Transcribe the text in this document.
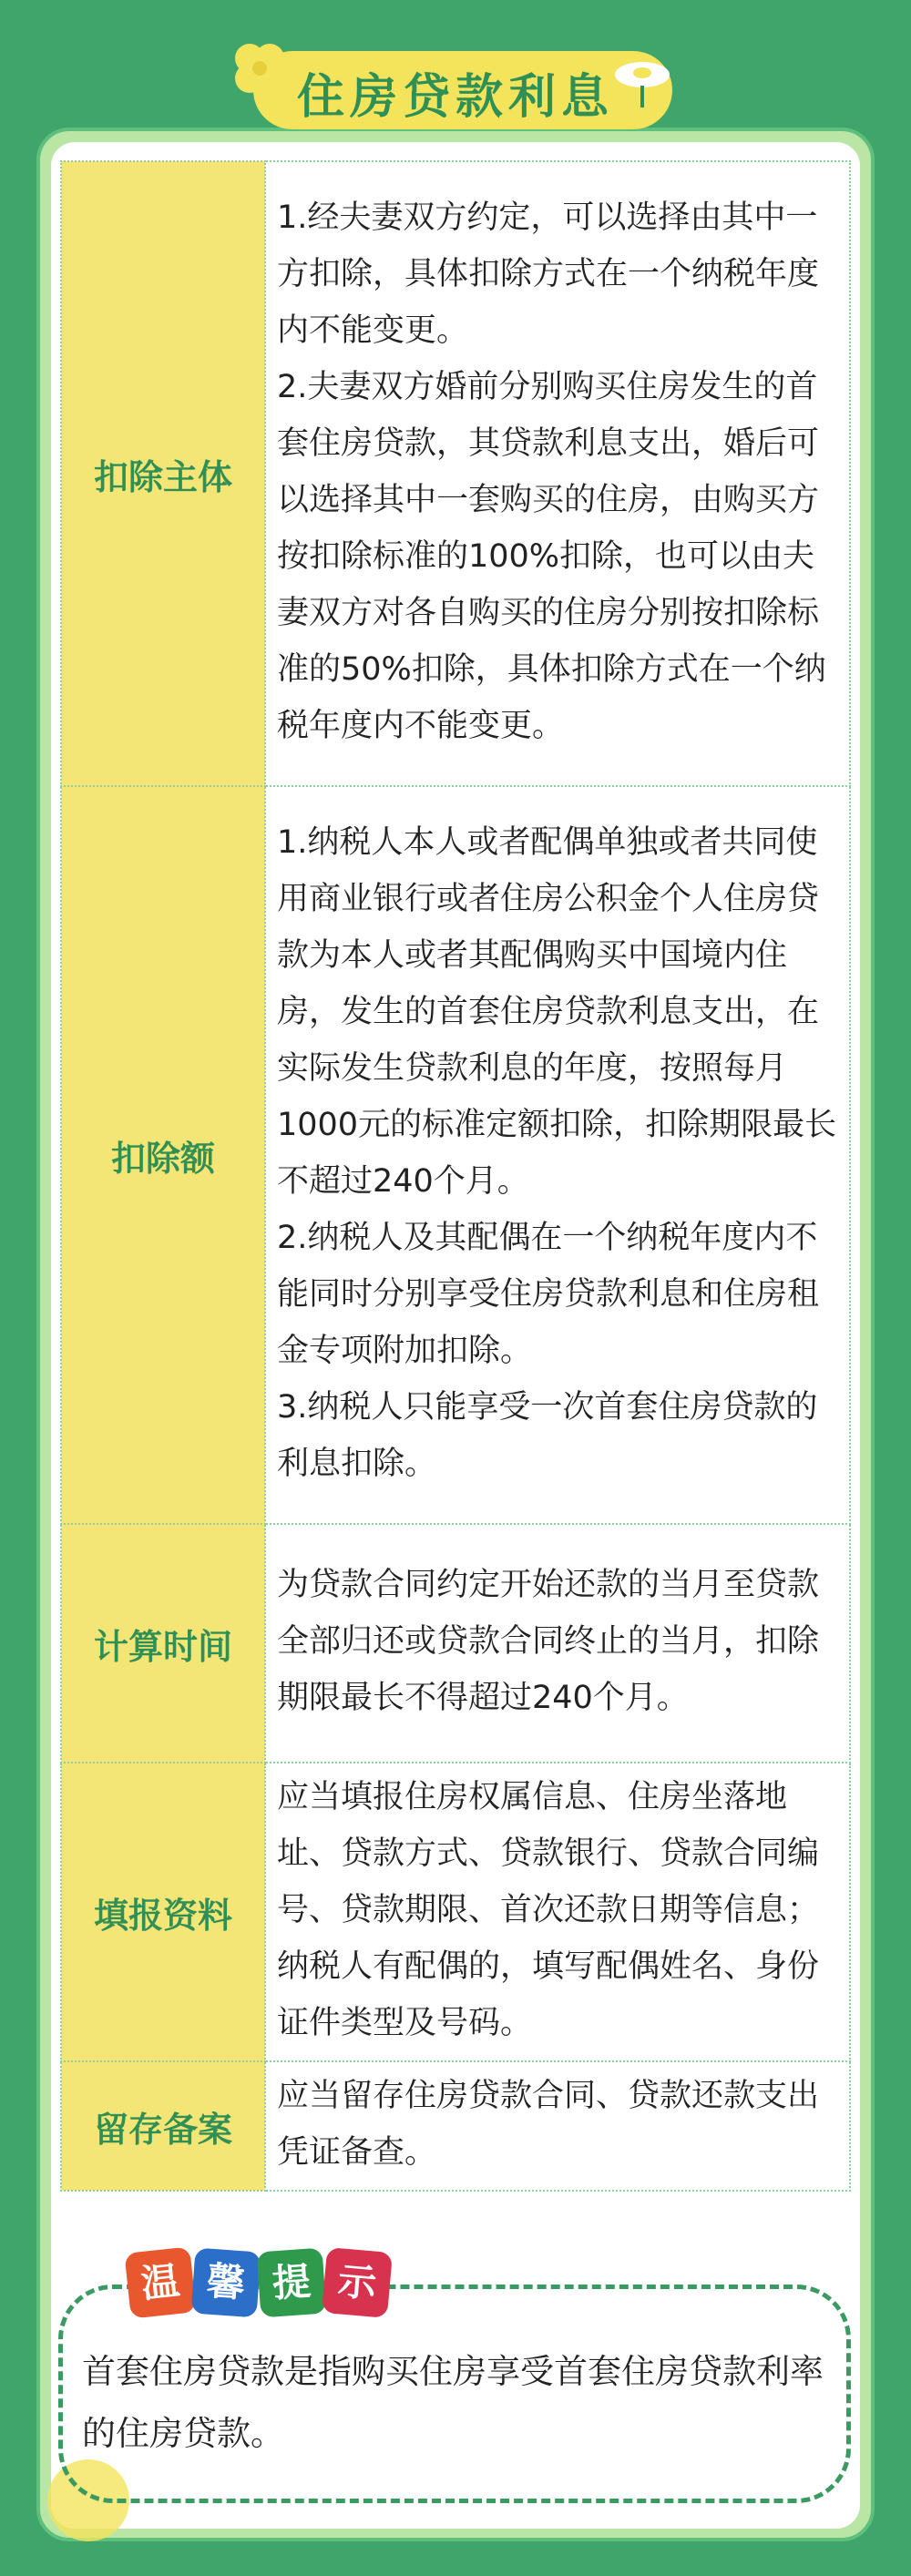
住房贷款利息
扣除主体	1.经夫妻双方约定，可以选择由其中一方扣除，具体扣除方式在一个纳税年度内不能变更。

2.夫妻双方婚前分别购买住房发生的首套住房贷款，其贷款利息支出，婚后可以选择其中一套购买的住房，由购买方按扣除标准的100%扣除，也可以由夫妻双方对各自购买的住房分别按扣除标准的50%扣除，具体扣除方式在一个纳税年度内不能变更。

扣除额	1.纳税人本人或者配偶单独或者共同使用商业银行或者住房公积金个人住房贷款为本人或者其配偶购买中国境内住房，发生的首套住房贷款利息支出，在实际发生贷款利息的年度，按照每月1000元的标准定额扣除，扣除期限最长不超过240个月。

2.纳税人及其配偶在一个纳税年度内不能同时分别享受住房贷款利息和住房租金专项附加扣除。

3.纳税人只能享受一次首套住房贷款的利息扣除。

计算时间	为贷款合同约定开始还款的当月至贷款全部归还或贷款合同终止的当月，扣除期限最长不得超过240个月。

填报资料	应当填报住房权属信息、住房坐落地址、贷款方式、贷款银行、贷款合同编号、贷款期限、首次还款日期等信息；纳税人有配偶的，填写配偶姓名、身份证件类型及号码。

留存备案	应当留存住房贷款合同、贷款还款支出凭证备查。

温 馨 提 示
首套住房贷款是指购买住房享受首套住房贷款利率的住房贷款。
